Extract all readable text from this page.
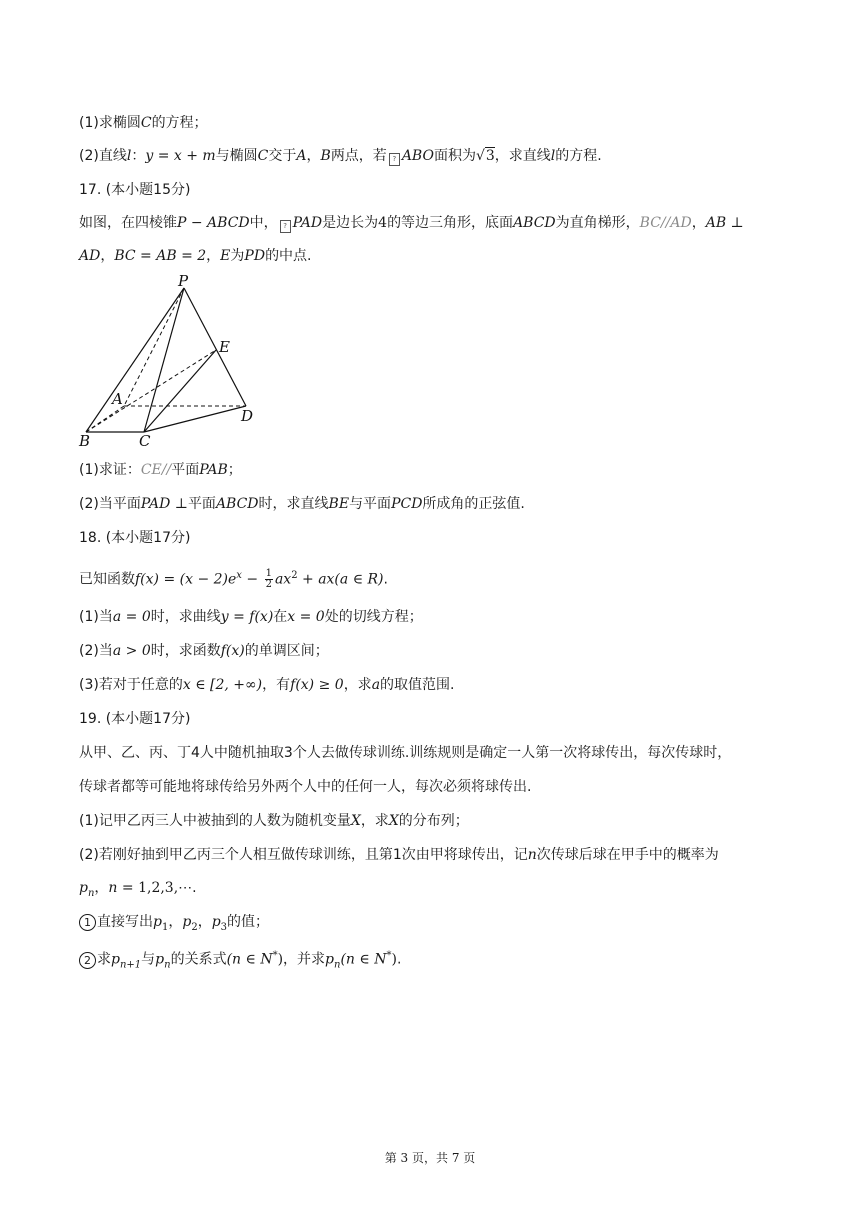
(1)求椭圆C的方程；
(2)直线l：y = x + m与椭圆C交于A，B两点，若 ? ABO面积为√3，求直线l的方程.
17. (本小题15分)
如图，在四棱锥P − ABCD中， ? PAD是边长为4的等边三角形，底面ABCD为直角梯形，BC//AD，AB ⊥
AD，BC = AB = 2，E为PD的中点.
P
E
A
D
B	C
(1)求证：CE//平面PAB；
(2)当平面PAD ⊥平面ABCD时，求直线BE与平面PCD所成角的正弦值.
18. (本小题17分)
已知函数$f(x) = (x - 2)e^x - \frac{1}{2} ax^2 + ax(a$ ∈ R).
(1)当a = 0时，求曲线y = f(x)在x = 0处的切线方程；
(2)当a > 0时，求函数f(x)的单调区间；
(3)若对于任意的x ∈ [2, +∞)，有f(x) ≥ 0，求a的取值范围.
19. (本小题17分)
从甲、乙、丙、丁4人中随机抽取3个人去做传球训练.训练规则是确定一人第一次将球传出，每次传球时，
传球者都等可能地将球传给另外两个人中的任何一人，每次必须将球传出.
(1)记甲乙丙三人中被抽到的人数为随机变量X，求X的分布列；
(2)若刚好抽到甲乙丙三个人相互做传球训练，且第1次由甲将球传出，记n次传球后球在甲手中的概率为
$p_n$，n = 1,2,3,⋯.
1 直接写出$p_1$，$p_2$，$p_3$的值；
2 求$p_{n+1}$与$p_n$的关系式(n ∈ N*)，并求$p_n(n$ ∈ N*).
第 3 页，共 7 页
